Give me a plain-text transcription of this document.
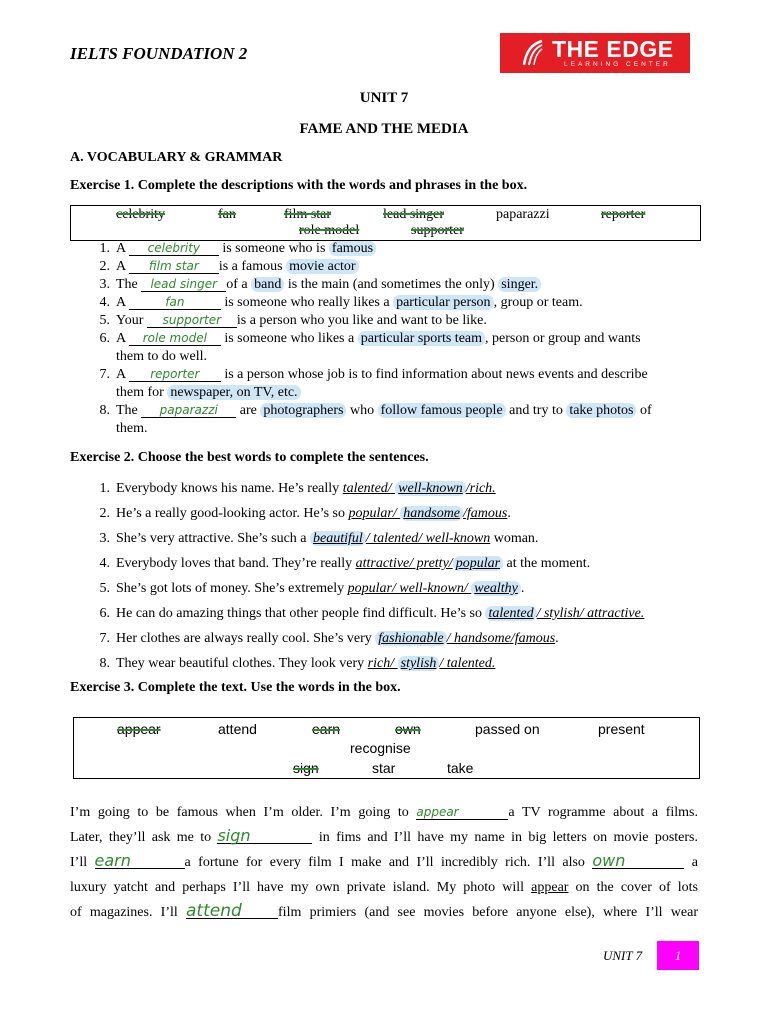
IELTS FOUNDATION 2	THE EDGE
LEARNING CENTER
UNIT 7
FAME AND THE MEDIA
A. VOCABULARY & GRAMMAR
Exercise 1. Complete the descriptions with the words and phrases in the box.
celebrity	fan	film star	lead singer	paparazzi	reporter
role model	supporter
1. A celebrity is someone who is famous
2. A film star is a famous movie actor
3. The lead singer of a band is the main (and sometimes the only) singer.
4. A	fan	is someone who really likes a particular person , group or team.
5. Your supporter is a person who you like and want to be like.
6. A role model is someone who likes a particular sports team , person or group and wants
them to do well.
7. A reporter is a person whose job is to find information about news events and describe
them for newspaper, on TV, etc.
8. The paparazzi are photographers who follow famous people and try to take photos of
them.
Exercise 2. Choose the best words to complete the sentences.
1. Everybody knows his name. He’s really talented/ well-known /rich.
2. He’s a really good-looking actor. He’s so popular/ handsome /famous.
3. She’s very attractive. She’s such a beautiful / talented/ well-known woman.
4. Everybody loves that band. They’re really attractive/ pretty/ popular at the moment.
5. She’s got lots of money. She’s extremely popular/ well-known/ wealthy .
6. He can do amazing things that other people find difficult. He’s so talented / stylish/ attractive.
7. Her clothes are always really cool. She’s very fashionable / handsome/famous.
8. They wear beautiful clothes. They look very rich/ stylish / talented.
Exercise 3. Complete the text. Use the words in the box.
appear	attend	earn	own	passed on	present
recognise
sign	star	take
I’m going to be famous when I’m older. I’m going to appear	a TV rogramme about a films.
Later, they’ll ask me to sign	in fims and I’ll have my name in big letters on movie posters.
I’ll earn	a fortune for every film I make and I’ll incredibly rich. I’ll also own	a
luxury yatcht and perhaps I’ll have my own private island. My photo will appear on the cover of lots
of magazines. I’ll attend	film primiers (and see movies before anyone else), where I’ll wear
UNIT 7	1
